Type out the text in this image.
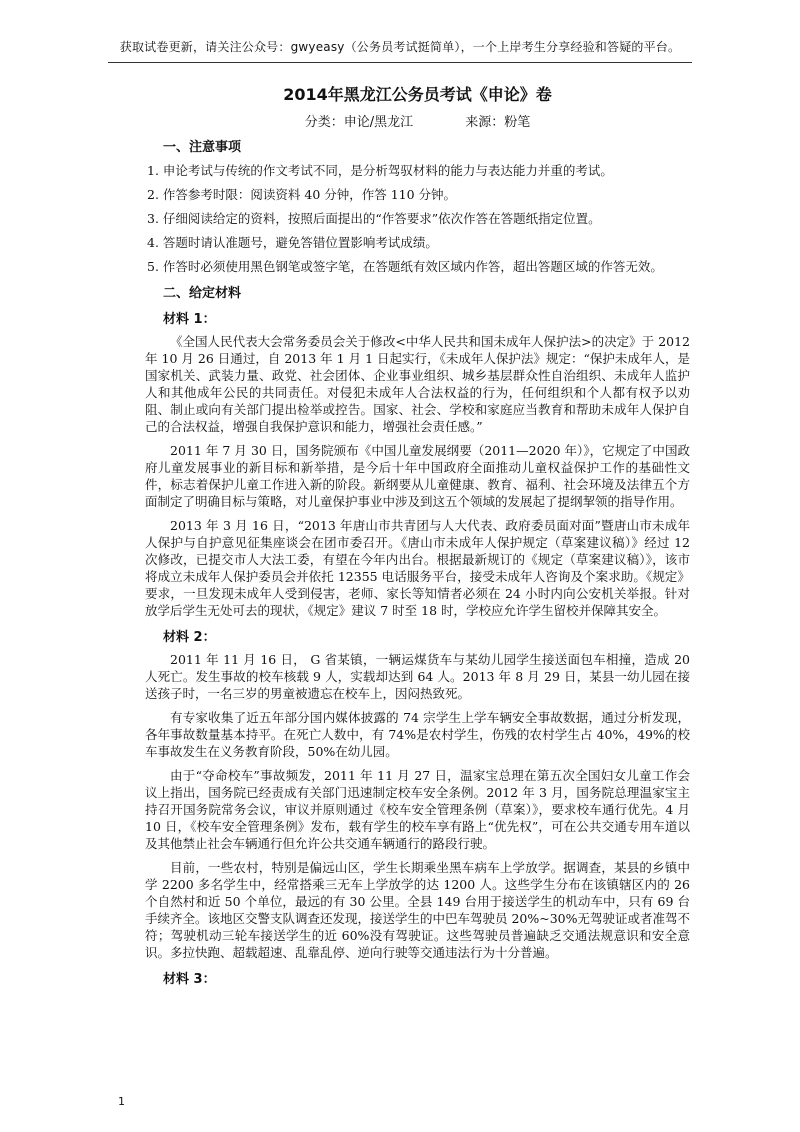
获取试卷更新，请关注公众号：gwyeasy（公务员考试挺简单），一个上岸考生分享经验和答疑的平台。
2014年黑龙江公务员考试《申论》卷
分类：申论/黑龙江	来源：粉笔
一、注意事项

1. 申论考试与传统的作文考试不同，是分析驾驭材料的能力与表达能力并重的考试。

2. 作答参考时限：阅读资料 40 分钟，作答 110 分钟。

3. 仔细阅读给定的资料，按照后面提出的“作答要求”依次作答在答题纸指定位置。

4. 答题时请认准题号，避免答错位置影响考试成绩。

5. 作答时必须使用黑色钢笔或签字笔，在答题纸有效区域内作答，超出答题区域的作答无效。

二、给定材料
材料 1：

《全国人民代表大会常务委员会关于修改<中华人民共和国未成年人保护法>的决定》于 2012 年 10 月 26 日通过，自 2013 年 1 月 1 日起实行，《未成年人保护法》规定：“保护未成年人，是国家机关、武装力量、政党、社会团体、企业事业组织、城乡基层群众性自治组织、未成年人监护人和其他成年公民的共同责任。对侵犯未成年人合法权益的行为，任何组织和个人都有权予以劝阻、制止或向有关部门提出检举或控告。国家、社会、学校和家庭应当教育和帮助未成年人保护自己的合法权益，增强自我保护意识和能力，增强社会责任感。”

2011 年 7 月 30 日，国务院颁布《中国儿童发展纲要（2011—2020 年）》，它规定了中国政府儿童发展事业的新目标和新举措，是今后十年中国政府全面推动儿童权益保护工作的基础性文件，标志着保护儿童工作进入新的阶段。新纲要从儿童健康、教育、福利、社会环境及法律五个方面制定了明确目标与策略，对儿童保护事业中涉及到这五个领域的发展起了提纲挈领的指导作用。

2013 年 3 月 16 日，“2013 年唐山市共青团与人大代表、政府委员面对面”暨唐山市未成年人保护与自护意见征集座谈会在团市委召开。《唐山市未成年人保护规定（草案建议稿）》经过 12 次修改，已提交市人大法工委，有望在今年内出台。根据最新规订的《规定（草案建议稿）》，该市将成立未成年人保护委员会并依托 12355 电话服务平台，接受未成年人咨询及个案求助。《规定》要求，一旦发现未成年人受到侵害，老师、家长等知情者必须在 24 小时内向公安机关举报。针对放学后学生无处可去的现状，《规定》建议 7 时至 18 时，学校应允许学生留校并保障其安全。

材料 2：

2011 年 11 月 16 日， G 省某镇，一辆运煤货车与某幼儿园学生接送面包车相撞，造成 20 人死亡。发生事故的校车核载 9 人，实载却达到 64 人。2013 年 8 月 29 日，某县一幼儿园在接送孩子时，一名三岁的男童被遗忘在校车上，因闷热致死。

有专家收集了近五年部分国内媒体披露的 74 宗学生上学车辆安全事故数据，通过分析发现，各年事故数量基本持平。在死亡人数中，有 74%是农村学生，伤残的农村学生占 40%，49%的校车事故发生在义务教育阶段，50%在幼儿园。

由于“夺命校车”事故频发，2011 年 11 月 27 日，温家宝总理在第五次全国妇女儿童工作会议上指出，国务院已经责成有关部门迅速制定校车安全条例。2012 年 3 月，国务院总理温家宝主持召开国务院常务会议，审议并原则通过《校车安全管理条例（草案）》，要求校车通行优先。4 月 10 日，《校车安全管理条例》发布，载有学生的校车享有路上“优先权”，可在公共交通专用车道以及其他禁止社会车辆通行但允许公共交通车辆通行的路段行驶。

目前，一些农村，特别是偏远山区，学生长期乘坐黑车病车上学放学。据调查，某县的乡镇中学 2200 多名学生中，经常搭乘三无车上学放学的达 1200 人。这些学生分布在该镇辖区内的 26 个自然村和近 50 个单位，最远的有 30 公里。全县 149 台用于接送学生的机动车中，只有 69 台手续齐全。该地区交警支队调查还发现，接送学生的中巴车驾驶员 20%~30%无驾驶证或者准驾不符；驾驶机动三轮车接送学生的近 60%没有驾驶证。这些驾驶员普遍缺乏交通法规意识和安全意识。多拉快跑、超载超速、乱靠乱停、逆向行驶等交通违法行为十分普遍。

材料 3：
1
